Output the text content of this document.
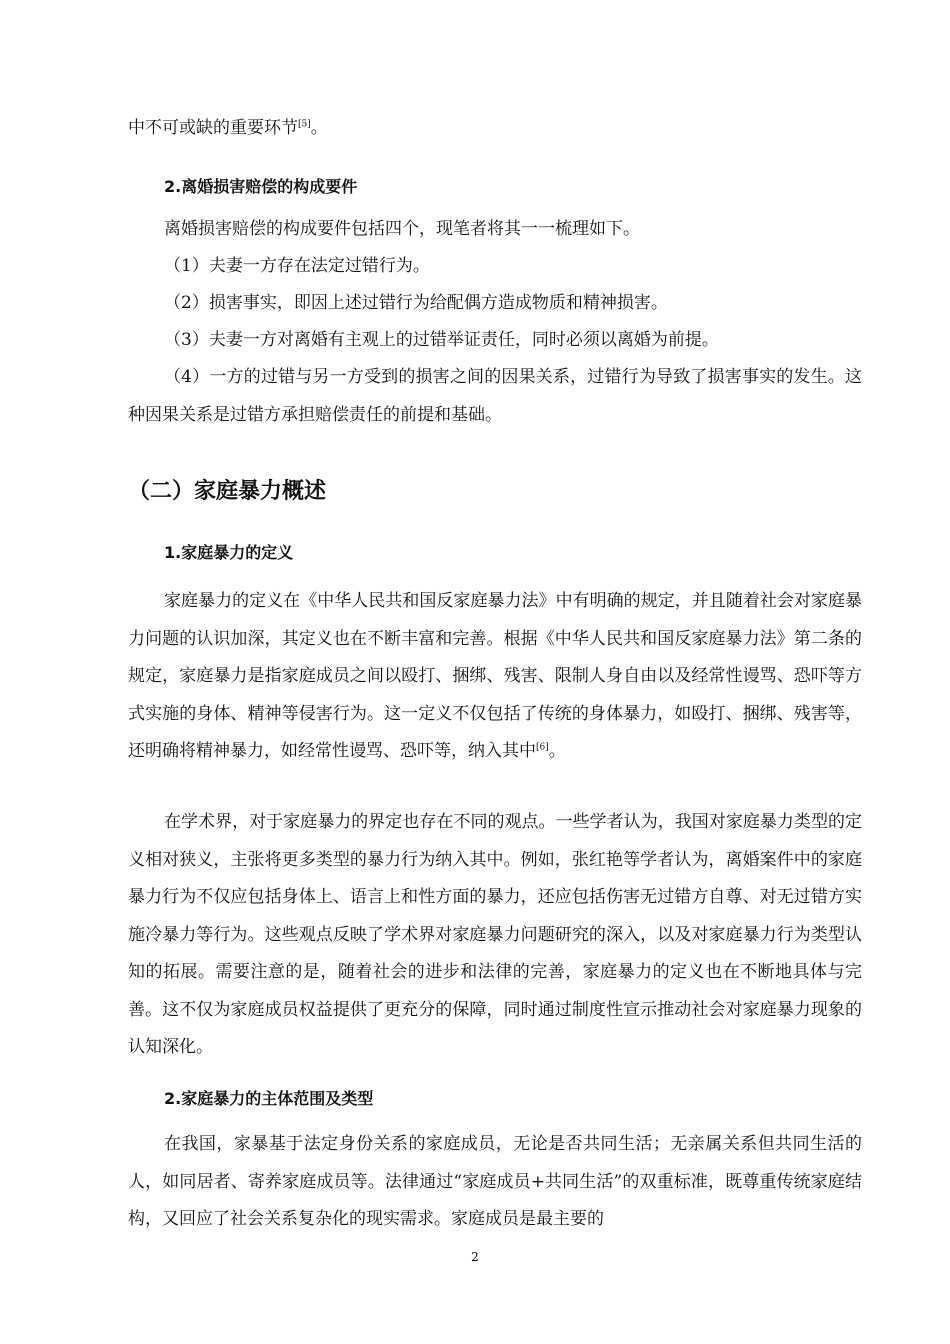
中不可或缺的重要环节[5]。
2.离婚损害赔偿的构成要件
离婚损害赔偿的构成要件包括四个，现笔者将其一一梳理如下。
（1）夫妻一方存在法定过错行为。
（2）损害事实，即因上述过错行为给配偶方造成物质和精神损害。
（3）夫妻一方对离婚有主观上的过错举证责任，同时必须以离婚为前提。
（4）一方的过错与另一方受到的损害之间的因果关系，过错行为导致了损害事实的发生。这种因果关系是过错方承担赔偿责任的前提和基础。
（二）家庭暴力概述
1.家庭暴力的定义
家庭暴力的定义在《中华人民共和国反家庭暴力法》中有明确的规定，并且随着社会对家庭暴力问题的认识加深，其定义也在不断丰富和完善。根据《中华人民共和国反家庭暴力法》第二条的规定，家庭暴力是指家庭成员之间以殴打、捆绑、残害、限制人身自由以及经常性谩骂、恐吓等方式实施的身体、精神等侵害行为。这一定义不仅包括了传统的身体暴力，如殴打、捆绑、残害等，还明确将精神暴力，如经常性谩骂、恐吓等，纳入其中[6]。
在学术界，对于家庭暴力的界定也存在不同的观点。一些学者认为，我国对家庭暴力类型的定义相对狭义，主张将更多类型的暴力行为纳入其中。例如，张红艳等学者认为，离婚案件中的家庭暴力行为不仅应包括身体上、语言上和性方面的暴力，还应包括伤害无过错方自尊、对无过错方实施冷暴力等行为。这些观点反映了学术界对家庭暴力问题研究的深入，以及对家庭暴力行为类型认知的拓展。需要注意的是，随着社会的进步和法律的完善，家庭暴力的定义也在不断地具体与完善。这不仅为家庭成员权益提供了更充分的保障，同时通过制度性宣示推动社会对家庭暴力现象的认知深化。
2.家庭暴力的主体范围及类型
在我国，家暴基于法定身份关系的家庭成员，无论是否共同生活；无亲属关系但共同生活的人，如同居者、寄养家庭成员等。法律通过“家庭成员+共同生活”的双重标准，既尊重传统家庭结构，又回应了社会关系复杂化的现实需求。家庭成员是最主要的
2
